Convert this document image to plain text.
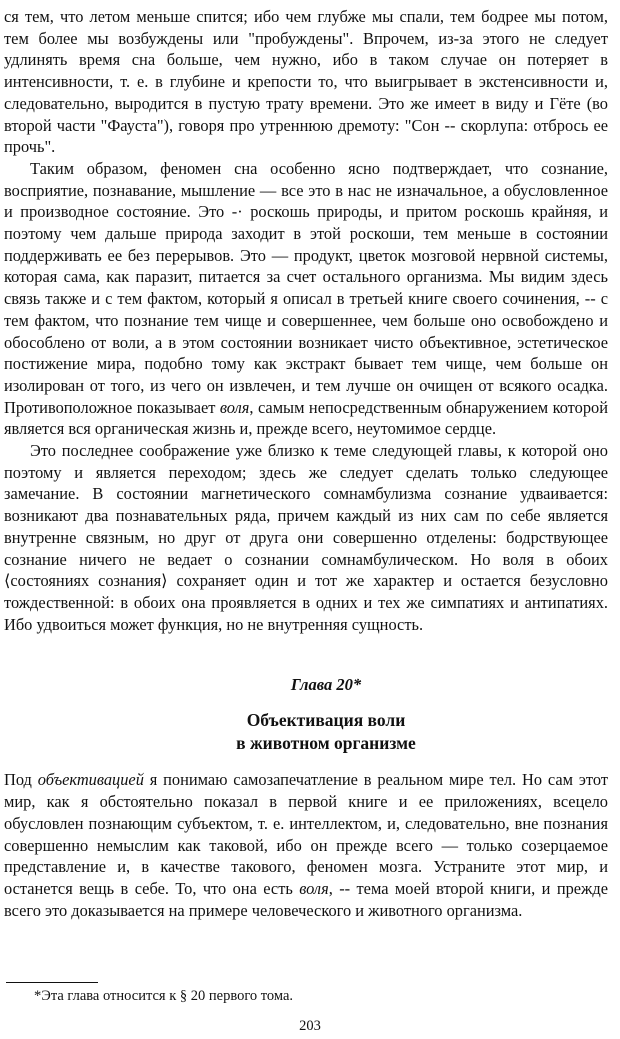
ся тем, что летом меньше спится; ибо чем глубже мы спали, тем бодрее мы потом, тем более мы возбуждены или "пробуждены". Впрочем, из-за этого не следует удлинять время сна больше, чем нужно, ибо в таком случае он потеряет в интенсивности, т. е. в глубине и крепости то, что выигрывает в экстенсивности и, следовательно, выродится в пустую трату времени. Это же имеет в виду и Гёте (во второй части "Фауста"), говоря про утреннюю дремоту: "Сон -- скорлупа: отбрось ее прочь".

Таким образом, феномен сна особенно ясно подтверждает, что сознание, восприятие, познавание, мышление — все это в нас не изначальное, а обусловленное и производное состояние. Это -· роскошь природы, и притом роскошь крайняя, и поэтому чем дальше природа заходит в этой роскоши, тем меньше в состоянии поддерживать ее без перерывов. Это — продукт, цветок мозговой нервной системы, которая сама, как паразит, питается за счет остального организма. Мы видим здесь связь также и с тем фактом, который я описал в третьей книге своего сочинения, -- с тем фактом, что познание тем чище и совершеннее, чем больше оно освобождено и обособлено от воли, а в этом состоянии возникает чисто объективное, эстетическое постижение мира, подобно тому как экстракт бывает тем чище, чем больше он изолирован от того, из чего он извлечен, и тем лучше он очищен от всякого осадка. Противоположное показывает воля, самым непосредственным обнаружением которой является вся органическая жизнь и, прежде всего, неутомимое сердце.

Это последнее соображение уже близко к теме следующей главы, к которой оно поэтому и является переходом; здесь же следует сделать только следующее замечание. В состоянии магнетического сомнамбулизма сознание удваивается: возникают два познавательных ряда, причем каждый из них сам по себе является внутренне связным, но друг от друга они совершенно отделены: бодрствующее сознание ничего не ведает о сознании сомнамбулическом. Но воля в обоих ⟨состояниях сознания⟩ сохраняет один и тот же характер и остается безусловно тождественной: в обоих она проявляется в одних и тех же симпатиях и антипатиях. Ибо удвоиться может функция, но не внутренняя сущность.

Глава 20*

Объективация воли
в животном организме

Под объективацией я понимаю самозапечатление в реальном мире тел. Но сам этот мир, как я обстоятельно показал в первой книге и ее приложениях, всецело обусловлен познающим субъектом, т. е. интеллектом, и, следовательно, вне познания совершенно немыслим как таковой, ибо он прежде всего — только созерцаемое представление и, в качестве такового, феномен мозга. Устраните этот мир, и останется вещь в себе. То, что она есть воля, -- тема моей второй книги, и прежде всего это доказывается на примере человеческого и животного организма.

*Эта глава относится к § 20 первого тома.

203
